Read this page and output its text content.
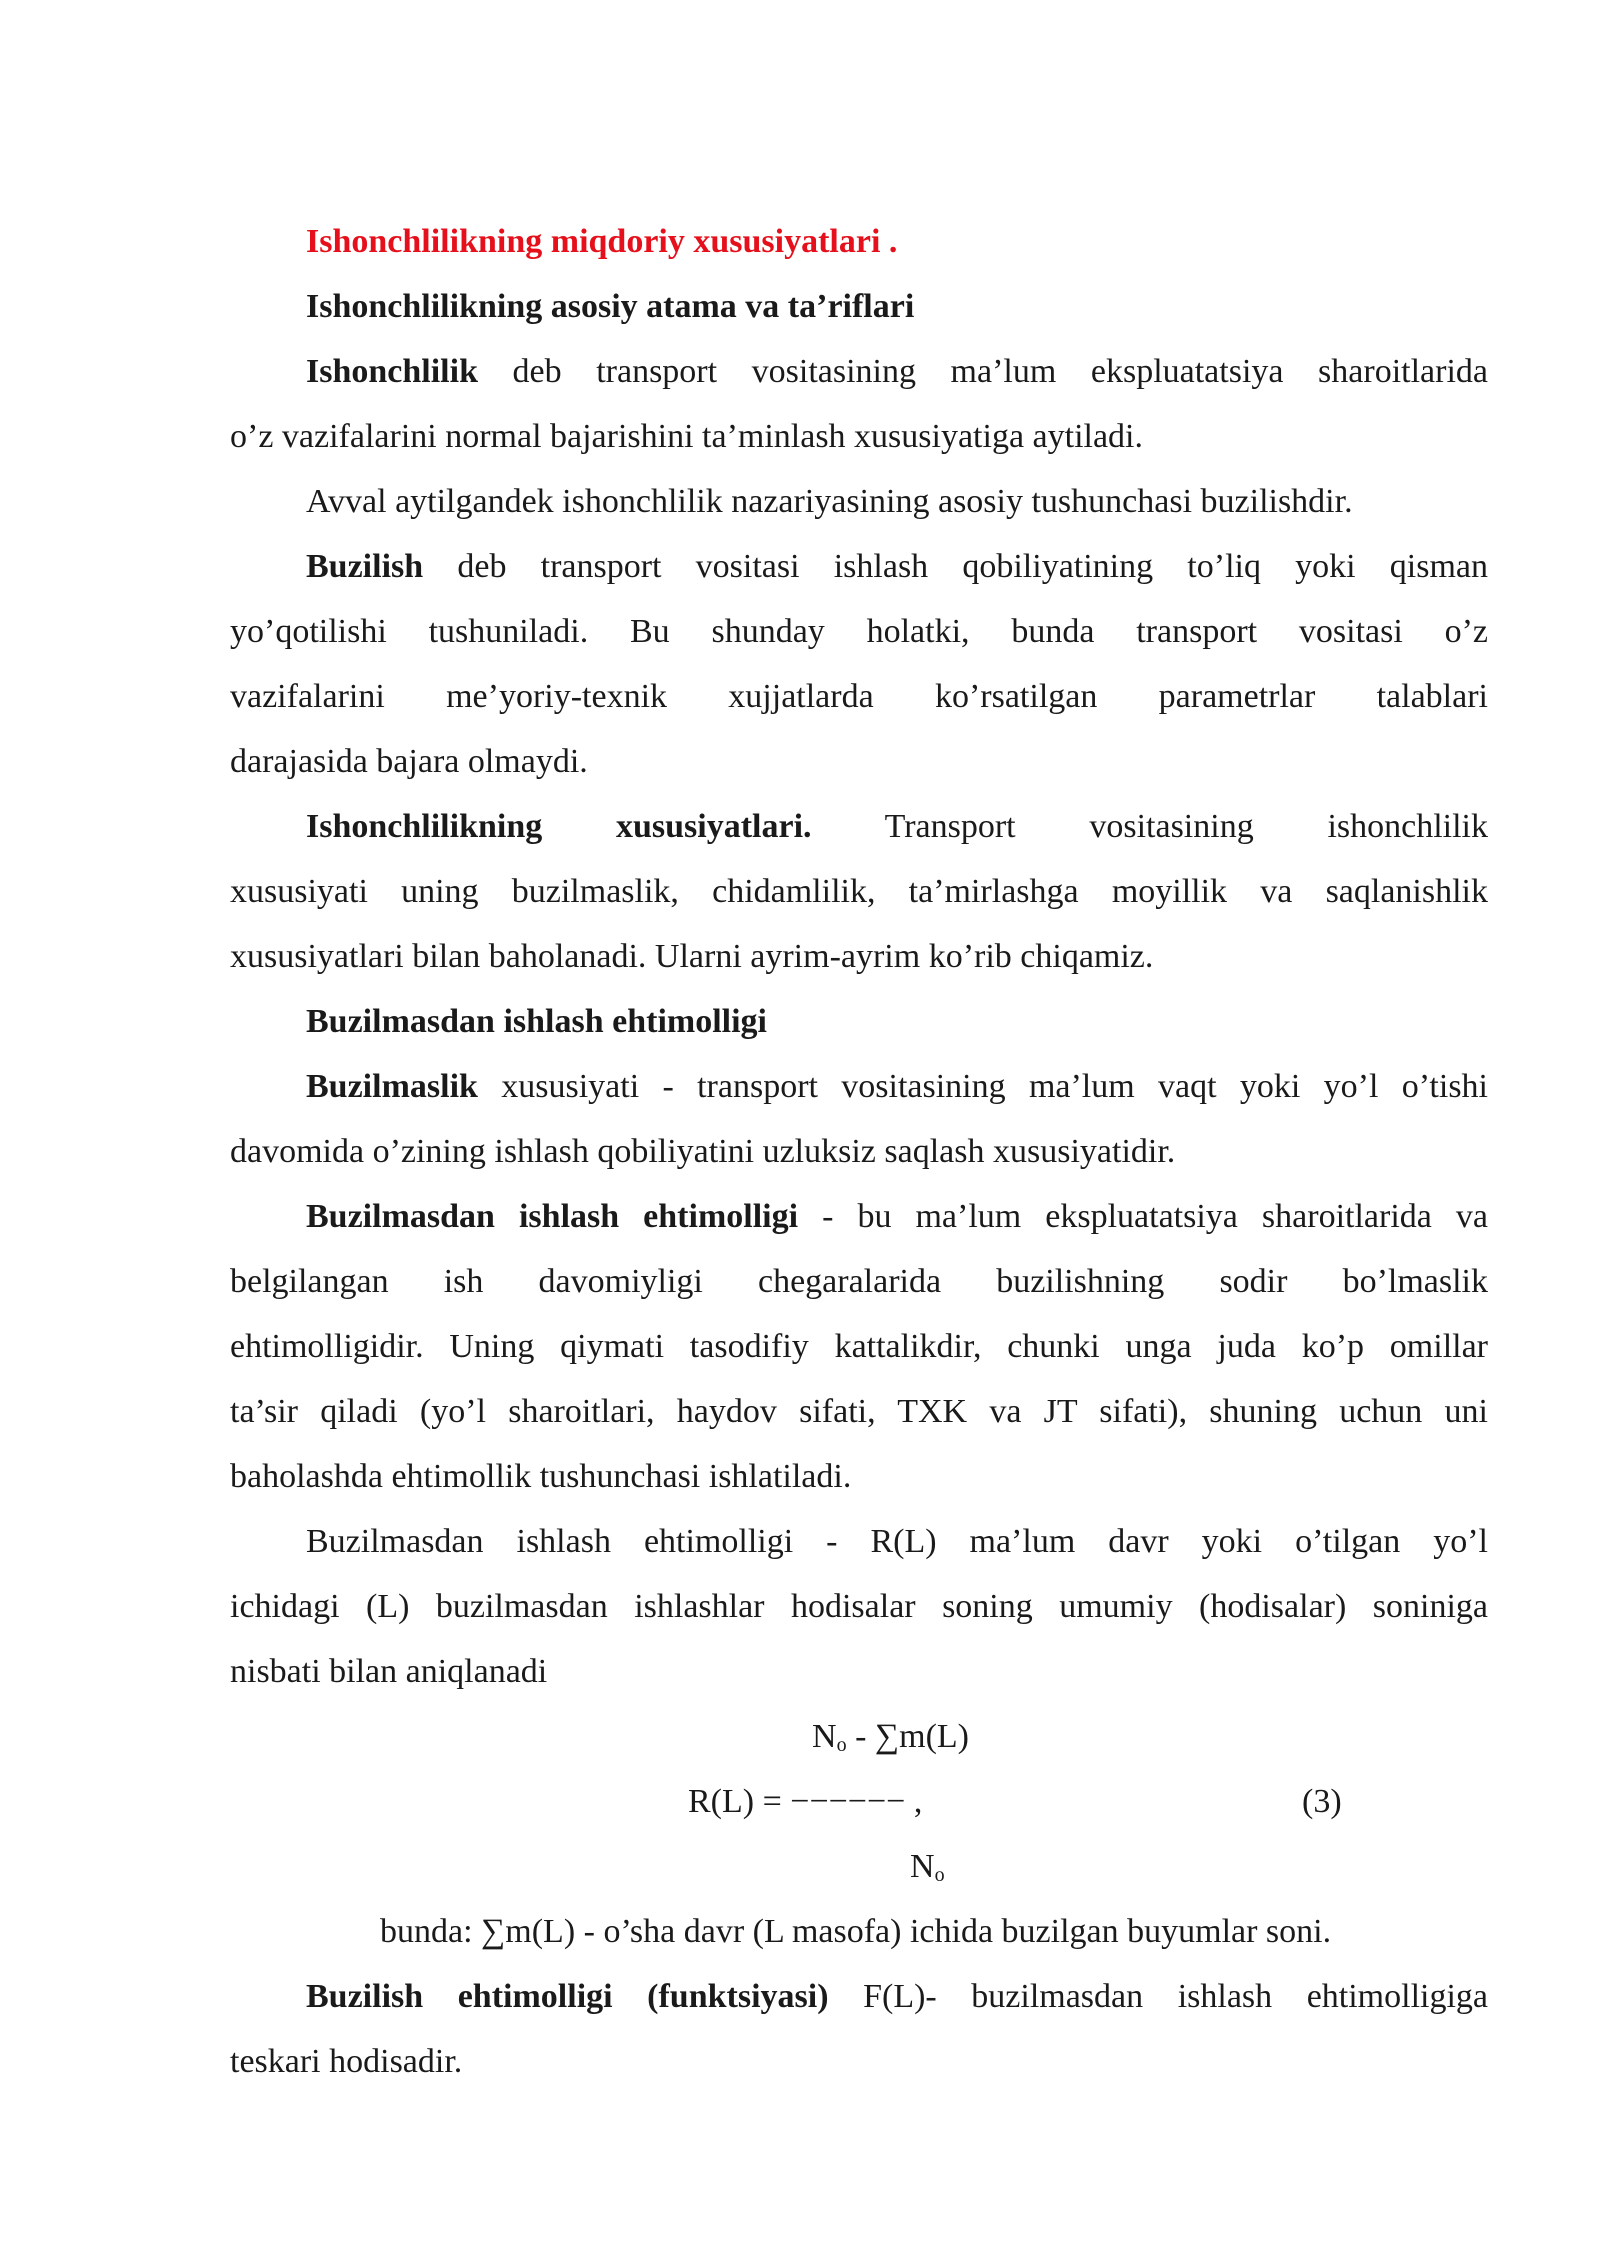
Ishonchlilikning miqdoriy xususiyatlari .
Ishonchlilikning asosiy atama va ta’riflari
Ishonchlilik deb transport vositasining ma’lum ekspluatatsiya sharoitlarida
o’z vazifalarini normal bajarishini ta’minlash xususiyatiga aytiladi.
Avval aytilgandek ishonchlilik nazariyasining asosiy tushunchasi buzilishdir.
Buzilish deb transport vositasi ishlash qobiliyatining to’liq yoki qisman
yo’qotilishi tushuniladi. Bu shunday holatki, bunda transport vositasi o’z
vazifalarini me’yoriy-texnik xujjatlarda ko’rsatilgan parametrlar talablari
darajasida bajara olmaydi.
Ishonchlilikning xususiyatlari. Transport vositasining ishonchlilik
xususiyati uning buzilmaslik, chidamlilik, ta’mirlashga moyillik va saqlanishlik
xususiyatlari bilan baholanadi. Ularni ayrim-ayrim ko’rib chiqamiz.
Buzilmasdan ishlash ehtimolligi
Buzilmaslik xususiyati - transport vositasining ma’lum vaqt yoki yo’l o’tishi
davomida o’zining ishlash qobiliyatini uzluksiz saqlash xususiyatidir.
Buzilmasdan ishlash ehtimolligi - bu ma’lum ekspluatatsiya sharoitlarida va
belgilangan ish davomiyligi chegaralarida buzilishning sodir bo’lmaslik
ehtimolligidir. Uning qiymati tasodifiy kattalikdir, chunki unga juda ko’p omillar
ta’sir qiladi (yo’l sharoitlari, haydov sifati, TXK va JT sifati), shuning uchun uni
baholashda ehtimollik tushunchasi ishlatiladi.
Buzilmasdan ishlash ehtimolligi - R(L) ma’lum davr yoki o’tilgan yo’l
ichidagi (L) buzilmasdan ishlashlar hodisalar soning umumiy (hodisalar) soniniga
nisbati bilan aniqlanadi
$N_o - \sum m(L)$
R(L) = −−−−−− ,	(3)
$N_o$
bunda: ∑m(L) - o’sha davr (L masofa) ichida buzilgan buyumlar soni.
Buzilish ehtimolligi (funktsiyasi) F(L)- buzilmasdan ishlash ehtimolligiga
teskari hodisadir.
